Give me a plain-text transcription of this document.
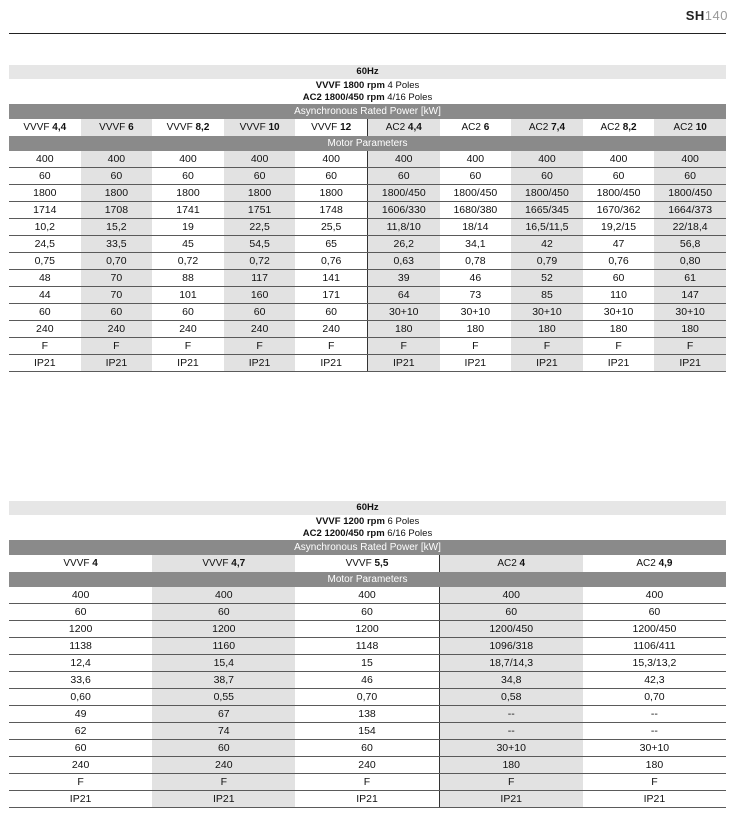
SH140
60Hz
VVVF 1800 rpm 4 Poles
AC2 1800/450 rpm 4/16 Poles
Asynchronous Rated Power [kW]
VVVF 4,4	VVVF 6	VVVF 8,2	VVVF 10	VVVF 12	AC2 4,4	AC2 6	AC2 7,4	AC2 8,2	AC2 10
Motor Parameters
400	400	400	400	400	400	400	400	400	400
60	60	60	60	60	60	60	60	60	60
1800	1800	1800	1800	1800	1800/450	1800/450	1800/450	1800/450	1800/450
1714	1708	1741	1751	1748	1606/330	1680/380	1665/345	1670/362	1664/373
10,2	15,2	19	22,5	25,5	11,8/10	18/14	16,5/11,5	19,2/15	22/18,4
24,5	33,5	45	54,5	65	26,2	34,1	42	47	56,8
0,75	0,70	0,72	0,72	0,76	0,63	0,78	0,79	0,76	0,80
48	70	88	117	141	39	46	52	60	61
44	70	101	160	171	64	73	85	110	147
60	60	60	60	60	30+10	30+10	30+10	30+10	30+10
240	240	240	240	240	180	180	180	180	180
F	F	F	F	F	F	F	F	F	F
IP21	IP21	IP21	IP21	IP21	IP21	IP21	IP21	IP21	IP21
60Hz
VVVF 1200 rpm 6 Poles
AC2 1200/450 rpm 6/16 Poles
Asynchronous Rated Power [kW]
VVVF 4	VVVF 4,7	VVVF 5,5	AC2 4	AC2 4,9
Motor Parameters
400	400	400	400	400
60	60	60	60	60
1200	1200	1200	1200/450	1200/450
1138	1160	1148	1096/318	1106/411
12,4	15,4	15	18,7/14,3	15,3/13,2
33,6	38,7	46	34,8	42,3
0,60	0,55	0,70	0,58	0,70
49	67	138	--	--
62	74	154	--	--
60	60	60	30+10	30+10
240	240	240	180	180
F	F	F	F	F
IP21	IP21	IP21	IP21	IP21
